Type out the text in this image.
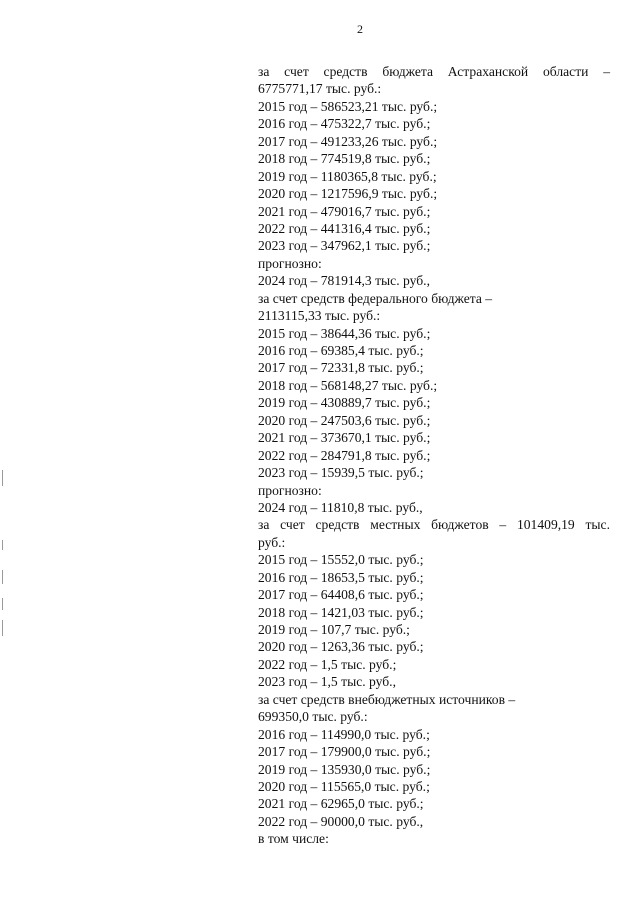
2
за счет средств бюджета Астраханской области –
6775771,17 тыс. руб.:
2015 год – 586523,21 тыс. руб.;
2016 год – 475322,7 тыс. руб.;
2017 год – 491233,26 тыс. руб.;
2018 год – 774519,8 тыс. руб.;
2019 год – 1180365,8 тыс. руб.;
2020 год – 1217596,9 тыс. руб.;
2021 год – 479016,7 тыс. руб.;
2022 год – 441316,4 тыс. руб.;
2023 год – 347962,1 тыс. руб.;
прогнозно:
2024 год – 781914,3 тыс. руб.,
за счет средств федерального бюджета –
2113115,33 тыс. руб.:
2015 год – 38644,36 тыс. руб.;
2016 год – 69385,4 тыс. руб.;
2017 год – 72331,8 тыс. руб.;
2018 год – 568148,27 тыс. руб.;
2019 год – 430889,7 тыс. руб.;
2020 год – 247503,6 тыс. руб.;
2021 год – 373670,1 тыс. руб.;
2022 год – 284791,8 тыс. руб.;
2023 год – 15939,5 тыс. руб.;
прогнозно:
2024 год – 11810,8 тыс. руб.,
за счет средств местных бюджетов – 101409,19 тыс.
руб.:
2015 год – 15552,0 тыс. руб.;
2016 год – 18653,5 тыс. руб.;
2017 год – 64408,6 тыс. руб.;
2018 год – 1421,03 тыс. руб.;
2019 год – 107,7 тыс. руб.;
2020 год – 1263,36 тыс. руб.;
2022 год – 1,5 тыс. руб.;
2023 год – 1,5 тыс. руб.,
за счет средств внебюджетных источников –
699350,0 тыс. руб.:
2016 год – 114990,0 тыс. руб.;
2017 год – 179900,0 тыс. руб.;
2019 год – 135930,0 тыс. руб.;
2020 год – 115565,0 тыс. руб.;
2021 год – 62965,0 тыс. руб.;
2022 год – 90000,0 тыс. руб.,
в том числе:
